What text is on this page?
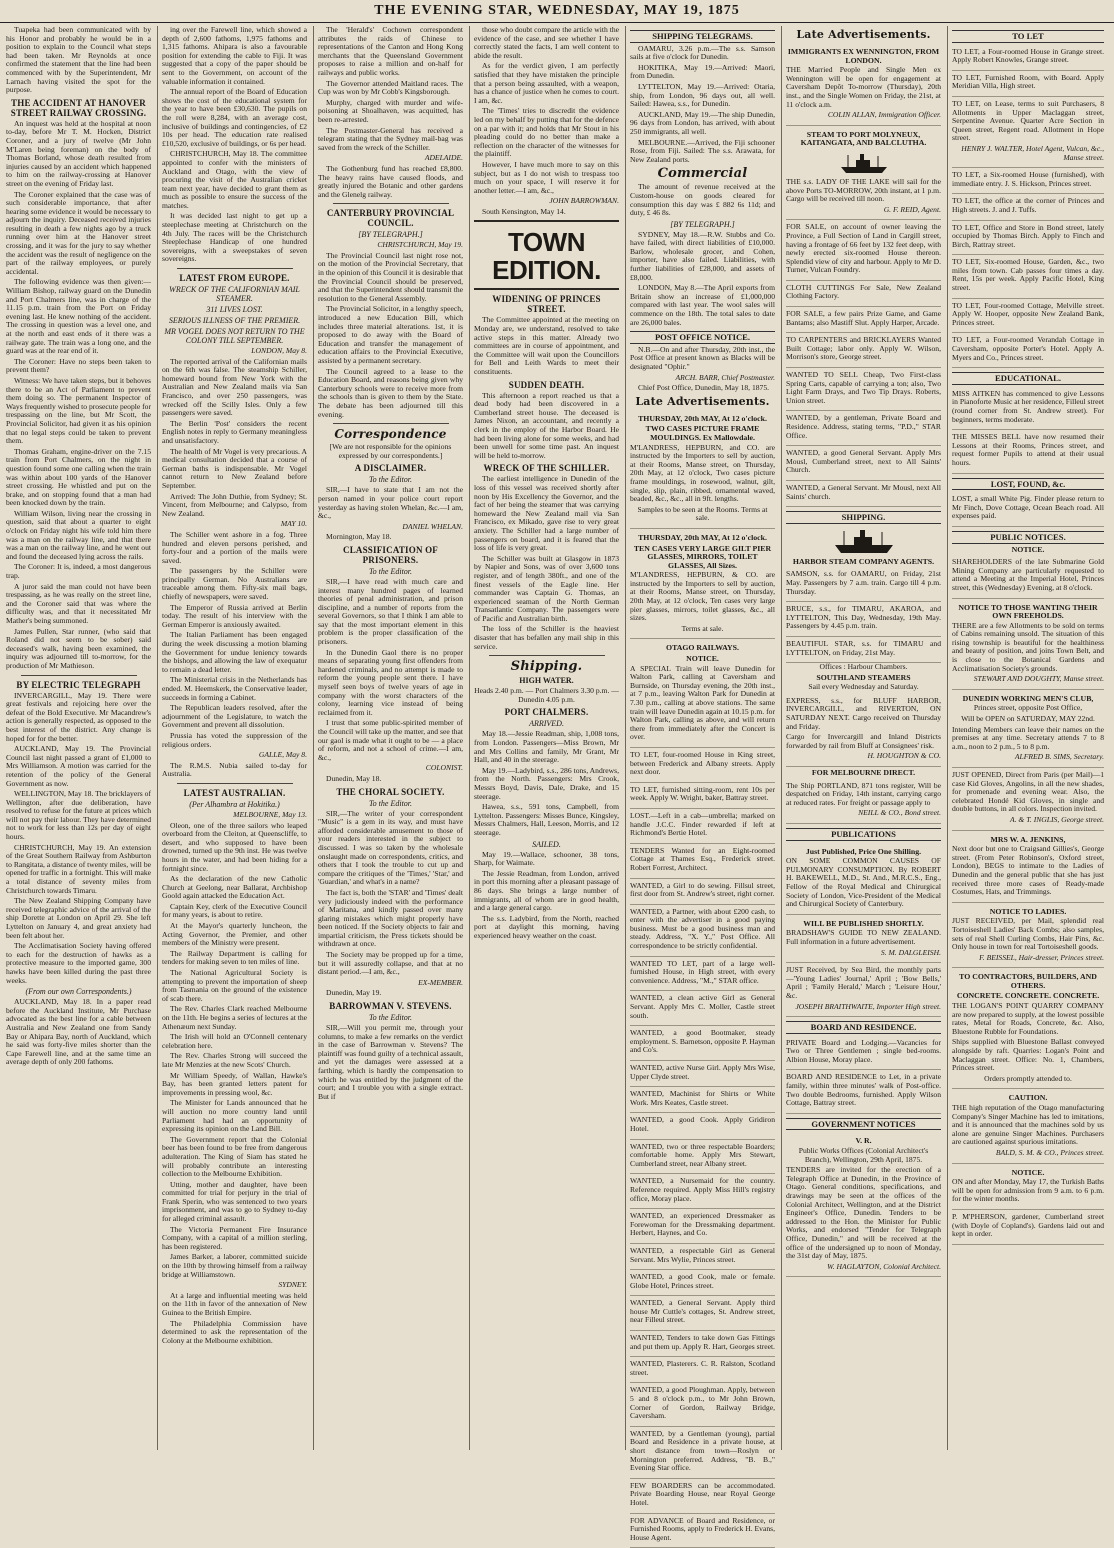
THE EVENING STAR, WEDNESDAY, MAY 19, 1875

Tuapeka had been communicated with by his Honor and probably he would be in a position to explain to the Council what steps had been taken. Mr Reynolds at once confirmed the statement that the line had been commenced with by the Superintendent, Mr Larnach having visited the spot for the purpose.

THE ACCIDENT AT HANOVER STREET RAILWAY CROSSING.

An inquest was held at the hospital at noon to-day, before Mr T. M. Hocken, District Coroner, and a jury of twelve (Mr John M'Laren being foreman) on the body of Thomas Borland, whose death resulted from injuries caused by an accident which happened to him on the railway-crossing at Hanover street on the evening of Friday last.

The Coroner explained that the case was of such considerable importance, that after hearing some evidence it would be necessary to adjourn the inquiry. Deceased received injuries resulting in death a few nights ago by a truck running over him at the Hanover street crossing, and it was for the jury to say whether the accident was the result of negligence on the part of the railway employees, or purely accidental.

The following evidence was then given:— William Bishop, railway guard on the Dunedin and Port Chalmers line, was in charge of the 11.15 p.m. train from the Port on Friday evening last. He knew nothing of the accident. The crossing in question was a level one, and at the north and east ends of it there was a railway gate. The train was a long one, and the guard was at the rear end of it.

The Coroner: Have no steps been taken to prevent them?

Witness: We have taken steps, but it behoves there to be an Act of Parliament to prevent them doing so. The permanent Inspector of Ways frequently wished to prosecute people for trespassing on the line, but Mr Scott, the Provincial Solicitor, had given it as his opinion that no legal steps could be taken to prevent them.

Thomas Graham, engine-driver on the 7.15 train from Port Chalmers, on the night in question found some one calling when the train was within about 100 yards of the Hanover street crossing. He whistled and put on the brake, and on stopping found that a man had been knocked down by the train.

William Wilson, living near the crossing in question, said that about a quarter to eight o'clock on Friday night his wife told him there was a man on the railway line, and that there was a man on the railway line, and he went out and found the deceased lying across the rails.

The Coroner: It is, indeed, a most dangerous trap.

A juror said the man could not have been trespassing, as he was really on the street line, and the Coroner said that was where the difficulty was, and that it necessitated Mr Mather's being summoned.

James Pullen, Star runner, (who said that Roland did not seem to be sober) said deceased's walk, having been examined, the inquiry was adjourned till to-morrow, for the production of Mr Mathieson.

BY ELECTRIC TELEGRAPH

INVERCARGILL, May 19. There were great festivals and rejoicing here over the defeat of the Bold Executive. Mr Macandrew's action is generally respected, as opposed to the best interest of the district. Any change is hoped for for the better.

AUCKLAND, May 19. The Provincial Council last night passed a grant of £1,000 to Mrs Williamson. A motion was carried for the retention of the policy of the General Government as now.

WELLINGTON, May 18. The bricklayers of Wellington, after due deliberation, have resolved to refuse for the future at prices which will not pay their labour. They have determined not to work for less than 12s per day of eight hours.

CHRISTCHURCH, May 19. An extension of the Great Southern Railway from Ashburton to Rangitata, a distance of twenty miles, will be opened for traffic in a fortnight. This will make a total distance of seventy miles from Christchurch towards Timaru.

The New Zealand Shipping Company have received telegraphic advice of the arrival of the ship Dorette at London on April 29. She left Lyttelton on January 4, and great anxiety had been felt about her.

The Acclimatisation Society having offered to each for the destruction of hawks as a protective measure to the imported game, 300 hawks have been killed during the past three weeks.

(From our own Correspondents.)

AUCKLAND, May 18. In a paper read before the Auckland Institute, Mr Purchase advocated as the best line for a cable between Australia and New Zealand one from Sandy Bay or Ahipara Bay, north of Auckland, which he said was forty-five miles shorter than the Cape Farewell line, and at the same time an average depth of only 200 fathoms.

ing over the Farewell line, which showed a depth of 2,600 fathoms, 1,975 fathoms and 1,315 fathoms. Ahipara is also a favourable position for extending the cable to Fiji. It was suggested that a copy of the paper should be sent to the Government, on account of the valuable information it contained.

The annual report of the Board of Education shows the cost of the educational system for the year to have been £30,630. The pupils on the roll were 8,284, with an average cost, inclusive of buildings and contingencies, of £2 10s per head. The education rate realised £10,520, exclusive of buildings, or 6s per head.

CHRISTCHURCH, May 18. The committee appointed to confer with the ministers of Auckland and Otago, with the view of procuring the visit of the Australian cricket team next year, have decided to grant them as much as possible to ensure the success of the matches.

It was decided last night to get up a steeplechase meeting at Christchurch on the 4th July. The races will be the Christchurch Steeplechase Handicap of one hundred sovereigns, with a sweepstakes of seven sovereigns.

LATEST FROM EUROPE.
WRECK OF THE CALIFORNIAN MAIL STEAMER.
311 LIVES LOST.
SERIOUS ILLNESS OF THE PREMIER.
MR VOGEL DOES NOT RETURN TO THE COLONY TILL SEPTEMBER.

LONDON, May 8.

The reported arrival of the Californian mails on the 6th was false. The steamship Schiller, homeward bound from New York with the Australian and New Zealand mails via San Francisco, and over 250 passengers, was wrecked off the Scilly Isles. Only a few passengers were saved.

The Berlin 'Post' considers the recent English notes in reply to Germany meaningless and unsatisfactory.

The health of Mr Vogel is very precarious. A medical consultation decided that a course of German baths is indispensable. Mr Vogel cannot return to New Zealand before September.

Arrived: The John Duthie, from Sydney; St. Vincent, from Melbourne; and Calypso, from New Zealand.

MAY 10.

The Schiller went ashore in a fog. Three hundred and eleven persons perished, and forty-four and a portion of the mails were saved.

The passengers by the Schiller were principally German. No Australians are traceable among them. Fifty-six mail bags, chiefly of newspapers, were saved.

The Emperor of Russia arrived at Berlin today. The result of his interview with the German Emperor is anxiously awaited.

The Italian Parliament has been engaged during the week discussing a motion blaming the Government for undue leniency towards the bishops, and allowing the law of exequatur to remain a dead letter.

The Ministerial crisis in the Netherlands has ended. M. Heemskerk, the Conservative leader, succeeds in forming a Cabinet.

The Republican leaders resolved, after the adjournment of the Legislature, to watch the Government and prevent all dissolution.

Prussia has voted the suppression of the religious orders.

GALLE, May 8.

The R.M.S. Nubia sailed to-day for Australia.

LATEST AUSTRALIAN.
(Per Alhambra at Hokitika.)

MELBOURNE, May 13.

Oleon, one of the three sailors who leaped overboard from the Cleiton, at Queenscliffe, to desert, and who supposed to have been drowned, turned up the 9th inst. He was twelve hours in the water, and had been hiding for a fortnight since.

As the declaration of the new Catholic Church at Geelong, near Ballarat, Archbishop Goold again attacked the Education Act.

Captain Key, clerk of the Executive Council for many years, is about to retire.

At the Mayor's quarterly luncheon, the Acting Governor, the Premier, and other members of the Ministry were present.

The Railway Department is calling for tenders for making seven to ten miles of line.

The National Agricultural Society is attempting to prevent the importation of sheep from Tasmania on the ground of the existence of scab there.

The Rev. Charles Clark reached Melbourne on the 11th. He begins a series of lectures at the Athenæum next Sunday.

The Irish will hold an O'Connell centenary celebration here.

The Rev. Charles Strong will succeed the late Mr Menzies at the new Scots' Church.

Mr William Speedy, of Wallan, Hawke's Bay, has been granted letters patent for improvements in pressing wool, &c.

The Minister for Lands announced that he will auction no more country land until Parliament had had an opportunity of expressing its opinion on the Land Bill.

The Government report that the Colonial beer has been found to be free from dangerous adulteration. The King of Siam has stated he will probably contribute an interesting collection to the Melbourne Exhibition.

Utting, mother and daughter, have been committed for trial for perjury in the trial of Frank Sperin, who was sentenced to two years imprisonment, and was to go to Sydney to-day for alleged criminal assault.

The Victoria Permanent Fire Insurance Company, with a capital of a million sterling, has been registered.

James Barker, a laborer, committed suicide on the 10th by throwing himself from a railway bridge at Williamstown.

SYDNEY.

At a large and influential meeting was held on the 11th in favor of the annexation of New Guinea to the British Empire.

The Philadelphia Commission have determined to ask the representation of the Colony at the Melbourne exhibition.

The 'Herald's' Cochown correspondent attributes the raids of Chinese to representations of the Canton and Hong Kong merchants that the Queensland Government proposes to raise a million and on-half for railways and public works.

The Governor attended Maitland races. The Cup was won by Mr Cobb's Kingsborough.

Murphy, charged with murder and wife-poisoning at Shoalhaven, was acquitted, has been re-arrested.

The Postmaster-General has received a telegram stating that the Sydney mail-bag was saved from the wreck of the Schiller.

ADELAIDE.

The Gothenburg fund has reached £8,800. The heavy rains have caused floods, and greatly injured the Botanic and other gardens and the Glenelg railway.

CANTERBURY PROVINCIAL COUNCIL.
[BY TELEGRAPH.]

CHRISTCHURCH, May 19.

The Provincial Council last night rose not, on the motion of the Provincial Secretary, that in the opinion of this Council it is desirable that the Provincial Council should be preserved, and that the Superintendent should transmit the resolution to the General Assembly.

The Provincial Solicitor, in a lengthy speech, introduced a new Education Bill, which includes three material alterations. 1st, it is proposed to do away with the Board of Education and transfer the management of education affairs to the Provincial Executive, assisted by a permanent secretary.

The Council agreed to a lease to the Education Board, and reasons being given why Canterbury schools were to receive more from the schools than is given to them by the State. The debate has been adjourned till this evening.

Correspondence

[We are not responsible for the opinions expressed by our correspondents.]

A DISCLAIMER.
To the Editor.

SIR,—I have to state that I am not the person named in your police court report yesterday as having stolen Whelan, &c.—I am, &c.,

DANIEL WHELAN.

Mornington, May 18.

CLASSIFICATION OF PRISONERS.
To the Editor.

SIR,—I have read with much care and interest many hundred pages of learned theories of penal administration, and prison discipline, and a number of reports from the several Governors, so that I think I am able to say that the most important element in this problem is the proper classification of the prisoners.

In the Dunedin Gaol there is no proper means of separating young first offenders from hardened criminals, and no attempt is made to reform the young people sent there. I have myself seen boys of twelve years of age in company with the worst characters of the colony, learning vice instead of being reclaimed from it.

I trust that some public-spirited member of the Council will take up the matter, and see that our gaol is made what it ought to be — a place of reform, and not a school of crime.—I am, &c.,

COLONIST.

Dunedin, May 18.

THE CHORAL SOCIETY.
To the Editor.

SIR,—The writer of your correspondent "Music" is a gem in its way, and must have afforded considerable amusement to those of your readers interested in the subject to discussed. I was so taken by the wholesale onslaught made on correspondents, critics, and others that I took the trouble to cut up and compare the critiques of the 'Times,' 'Star,' and 'Guardian,' and what's in a name?

The fact is, both the 'STAR' and 'Times' dealt very judiciously indeed with the performance of Maritana, and kindly passed over many glaring mistakes which might properly have been noticed. If the Society objects to fair and impartial criticism, the Press tickets should be withdrawn at once.

The Society may be propped up for a time, but it will assuredly collapse, and that at no distant period.—I am, &c.,

EX-MEMBER.

Dunedin, May 19.

BARROWMAN V. STEVENS.
To the Editor.

SIR,—Will you permit me, through your columns, to make a few remarks on the verdict in the case of Barrowman v. Stevens? The plaintiff was found guilty of a technical assault, and yet the damages were assessed at a farthing, which is hardly the compensation to which he was entitled by the judgment of the court; and I trouble you with a single extract. But if

those who doubt compare the article with the evidence of the case, and see whether I have correctly stated the facts, I am well content to abide the result.

As for the verdict given, I am perfectly satisfied that they have mistaken the principle that a person being assaulted, with a weapon, has a chance of justice when he comes to court. I am, &c.

The 'Times' tries to discredit the evidence led on my behalf by putting that for the defence on a par with it; and holds that Mr Stout in his pleading could do no better than make a reflection on the character of the witnesses for the plaintiff.

However, I have much more to say on this subject, but as I do not wish to trespass too much on your space, I will reserve it for another letter.—I am, &c.,

JOHN BARROWMAN.

South Kensington, May 14.

TOWN EDITION.
WIDENING OF PRINCES STREET.

The Committee appointed at the meeting on Monday are, we understand, resolved to take active steps in this matter. Already two committees are in course of appointment, and the Committee will wait upon the Councillors for Bell and Leith Wards to meet their constituents.

SUDDEN DEATH.

This afternoon a report reached us that a dead body had been discovered in a Cumberland street house. The deceased is James Nixon, an accountant, and recently a clerk in the employ of the Harbor Board. He had been living alone for some weeks, and had been unwell for some time past. An inquest will be held to-morrow.

WRECK OF THE SCHILLER.

The earliest intelligence in Dunedin of the loss of this vessel was received shortly after noon by His Excellency the Governor, and the fact of her being the steamer that was carrying homeward the New Zealand mail via San Francisco, ex Mikado, gave rise to very great anxiety. The Schiller had a large number of passengers on board, and it is feared that the loss of life is very great.

The Schiller was built at Glasgow in 1873 by Napier and Sons, was of over 3,600 tons register, and of length 380ft., and one of the finest vessels of the Eagle line. Her commander was Captain G. Thomas, an experienced seaman of the North German Transatlantic Company. The passengers were of Pacific and Australian birth.

The loss of the Schiller is the heaviest disaster that has befallen any mail ship in this service.

Shipping.
HIGH WATER.

Heads 2.40 p.m. — Port Chalmers 3.30 p.m. — Dunedin 4.05 p.m.

PORT CHALMERS.
ARRIVED.

May 18.—Jessie Readman, ship, 1,008 tons, from London. Passengers—Miss Brown, Mr and Mrs Collins and family, Mr Grant, Mr Hall, and 40 in the steerage.

May 19.—Ladybird, s.s., 286 tons, Andrews, from the North. Passengers: Mrs Crook, Messrs Boyd, Davis, Dale, Drake, and 15 steerage.

Hawea, s.s., 591 tons, Campbell, from Lyttelton. Passengers: Misses Bunce, Kingsley, Messrs Chalmers, Hall, Leeson, Morris, and 12 steerage.

SAILED.

May 19.—Wallace, schooner, 38 tons, Sharp, for Waimate.

The Jessie Readman, from London, arrived in port this morning after a pleasant passage of 86 days. She brings a large number of immigrants, all of whom are in good health, and a large general cargo.

The s.s. Ladybird, from the North, reached port at daylight this morning, having experienced heavy weather on the coast.

SHIPPING TELEGRAMS.

OAMARU, 3.26 p.m.—The s.s. Samson sails at five o'clock for Dunedin.

HOKITIKA, May 19.—Arrived: Maori, from Dunedin.

LYTTELTON, May 19.—Arrived: Otaria, ship, from London, 96 days out, all well. Sailed: Hawea, s.s., for Dunedin.

AUCKLAND, May 19.—The ship Dunedin, 96 days from London, has arrived, with about 250 immigrants, all well.

MELBOURNE.—Arrived, the Fiji schooner Rose, from Fiji. Sailed: The s.s. Arawata, for New Zealand ports.

Commercial

The amount of revenue received at the Custom-house on goods cleared for consumption this day was £ 882 6s 11d; and duty, £ 46 8s.

[BY TELEGRAPH.]

SYDNEY, May 18.—R.W. Stubbs and Co. have failed, with direct liabilities of £10,000. Barlow, wholesale grocer, and Cohen, importer, have also failed. Liabilities, with further liabilities of £28,000, and assets of £8,000.

LONDON, May 8.—The April exports from Britain show an increase of £1,000,000 compared with last year. The wool sales will commence on the 18th. The total sales to date are 26,000 bales.

POST OFFICE NOTICE.

N.B.—On and after Thursday, 20th inst., the Post Office at present known as Blacks will be designated "Ophir."

ARCH. BARR, Chief Postmaster.

Chief Post Office, Dunedin, May 18, 1875.

Late Advertisements.
THURSDAY, 20th MAY, At 12 o'clock.
TWO CASES PICTURE FRAME MOULDINGS. Ex Mallowdale.

M'LANDRESS, HEPBURN, and CO. are instructed by the Importers to sell by auction, at their Rooms, Manse street, on Thursday, 20th May, at 12 o'clock, Two cases picture frame mouldings, in rosewood, walnut, gilt, single, slip, plain, ribbed, ornamental waved, beaded, &c., &c., all in 9ft. lengths.

Samples to be seen at the Rooms. Terms at sale.

THURSDAY, 20th MAY, At 12 o'clock.
TEN CASES VERY LARGE GILT PIER GLASSES, MIRRORS, TOILET GLASSES, All Sizes.

M'LANDRESS, HEPBURN, & CO. are instructed by the Importers to sell by auction, at their Rooms, Manse street, on Thursday, 20th May, at 12 o'clock, Ten cases very large pier glasses, mirrors, toilet glasses, &c., all sizes.

Terms at sale.

OTAGO RAILWAYS.
NOTICE.

A SPECIAL Train will leave Dunedin for Walton Park, calling at Caversham and Burnside, on Thursday evening, the 20th inst., at 7 p.m., leaving Walton Park for Dunedin at 7.30 p.m., calling at above stations. The same train will leave Dunedin again at 10.15 p.m. for Walton Park, calling as above, and will return there from immediately after the Concert is over.

TO LET, four-roomed House in King street, between Frederick and Albany streets. Apply next door.

TO LET, furnished sitting-room, rent 10s per week. Apply W. Wright, baker, Battray street.

LOST.—Left in a cab—umbrella; marked on handle J.C.C. Finder rewarded if left at Richmond's Bertie Hotel.

TENDERS Wanted for an Eight-roomed Cottage at Thames Esq., Frederick street. Robert Forrest, Architect.

WANTED, a Girl to do sewing. Fillsul street, first door from St. Andrew's street, right corner.

WANTED, a Partner, with about £200 cash, to enter with the advertiser in a good paying business. Must be a good business man and steady. Address, "X. Y.," Post Office. All correspondence to be strictly confidential.

WANTED TO LET, part of a large well-furnished House, in High street, with every convenience. Address, "M.," STAR office.

WANTED, a clean active Girl as General Servant. Apply Mrs C. Moller, Castle street south.

WANTED, a good Bootmaker, steady employment. S. Barnetson, opposite P. Hayman and Co's.

WANTED, active Nurse Girl. Apply Mrs Wise, Upper Clyde street.

WANTED, Machinist for Shirts or White Work. Mrs Keates, Castle street.

WANTED, a good Cook. Apply Gridiron Hotel.

WANTED, two or three respectable Boarders; comfortable home. Apply Mrs Stewart, Cumberland street, near Albany street.

WANTED, a Nursemaid for the country. Reference required. Apply Miss Hill's registry office, Moray place.

WANTED, an experienced Dressmaker as Forewoman for the Dressmaking department. Herbert, Haynes, and Co.

WANTED, a respectable Girl as General Servant. Mrs Wylie, Princes street.

WANTED, a good Cook, male or female. Globe Hotel, Princes street.

WANTED, a General Servant. Apply third house Mr Cuttle's cottages, St. Andrew street, near Filleul street.

WANTED, Tenders to take down Gas Fittings and put them up. Apply R. Hart, Georges street.

WANTED, Plasterers. C. R. Ralston, Scotland street.

WANTED, a good Ploughman. Apply, between 5 and 8 o'clock p.m., to Mr John Brown, Corner of Gordon, Railway Bridge, Caversham.

WANTED, by a Gentleman (young), partial Board and Residence in a private house, at short distance from town—Roslyn or Mornington preferred. Address, "B. B.," Evening Star office.

FEW BOARDERS can be accommodated. Private Boarding House, near Royal George Hotel.

FOR ADVANCE of Board and Residence, or Furnished Rooms, apply to Frederick H. Evans, House Agent.

Late Advertisements.
IMMIGRANTS EX WENNINGTON, FROM LONDON.

THE Married People and Single Men ex Wennington will be open for engagement at Caversham Depôt To-morrow (Thursday), 20th inst., and the Single Women on Friday, the 21st, at 11 o'clock a.m.

COLIN ALLAN, Immigration Officer.

STEAM TO PORT MOLYNEUX, KAITANGATA, AND BALCLUTHA.

THE s.s. LADY OF THE LAKE will sail for the above Ports TO-MORROW, 20th instant, at 1 p.m. Cargo will be received till noon.

G. F. REID, Agent.

FOR SALE, on account of owner leaving the Province, a Full Section of Land in Cargill street, having a frontage of 66 feet by 132 feet deep, with newly erected six-roomed House thereon. Splendid view of city and harbour. Apply to Mr D. Turner, Vulcan Foundry.

CLOTH CUTTINGS For Sale, New Zealand Clothing Factory.

FOR SALE, a few pairs Prize Game, and Game Bantams; also Mastiff Slut. Apply Harper, Arcade.

TO CARPENTERS and BRICKLAYERS Wanted Built Cottage; labor only. Apply W. Wilson, Morrison's store, George street.

WANTED TO SELL Cheap, Two First-class Spring Carts, capable of carrying a ton; also, Two Light Farm Drays, and Two Tip Drays. Roberts, Union street.

WANTED, by a gentleman, Private Board and Residence. Address, stating terms, "P.D.," STAR Office.

WANTED, a good General Servant. Apply Mrs Mousl, Cumberland street, next to All Saints' Church.

WANTED, a General Servant. Mr Mousl, next All Saints' church.

SHIPPING.
HARBOR STEAM COMPANY AGENTS.

SAMSON, s.s. for OAMARU, on Friday, 21st May. Passengers by 7 a.m. train. Cargo till 4 p.m. Thursday.

BRUCE, s.s., for TIMARU, AKAROA, and LYTTELTON, This Day, Wednesday, 19th May. Passengers by 4.45 p.m. train.

BEAUTIFUL STAR, s.s. for TIMARU and LYTTELTON, on Friday, 21st May.

Offices : Harbour Chambers.

SOUTHLAND STEAMERS

Sail every Wednesday and Saturday.

EXPRESS, s.s., for BLUFF HARBOR, INVERCARGILL, and RIVERTON, ON SATURDAY NEXT. Cargo received on Thursday and Friday.

Cargo for Invercargill and Inland Districts forwarded by rail from Bluff at Consignees' risk.

H. HOUGHTON & CO.

FOR MELBOURNE DIRECT.

The Ship PORTLAND, 871 tons register, Will be despatched on Friday, 14th instant, carrying cargo at reduced rates. For freight or passage apply to

NEILL & CO., Bond street.

PUBLICATIONS
Just Published, Price One Shilling.

ON SOME COMMON CAUSES OF PULMONARY CONSUMPTION. By ROBERT H. BAKEWELL, M.D., St. And., M.R.C.S., Eng., Fellow of the Royal Medical and Chirurgical Society of London, Vice-President of the Medical and Chirurgical Society of Canterbury.

WILL BE PUBLISHED SHORTLY.

BRADSHAW'S GUIDE TO NEW ZEALAND. Full information in a future advertisement.

S. M. DALGLEISH.

JUST Received, by Sea Bird, the monthly parts—'Young Ladies' Journal,' April ; 'Bow Bells,' April ; 'Family Herald,' March ; 'Leisure Hour,' &c.

JOSEPH BRAITHWAITE, Importer High street.

BOARD AND RESIDENCE.

PRIVATE Board and Lodging.—Vacancies for Two or Three Gentlemen ; single bed-rooms. Albion House, Moray place.

BOARD AND RESIDENCE to Let, in a private family, within three minutes' walk of Post-office. Two double Bedrooms, furnished. Apply Wilson Cottage, Battray street.

GOVERNMENT NOTICES
V. R.

Public Works Offices (Colonial Architect's Branch), Wellington, 29th April, 1875.

TENDERS are invited for the erection of a Telegraph Office at Dunedin, in the Province of Otago. General conditions, specifications, and drawings may be seen at the offices of the Colonial Architect, Wellington, and at the District Engineer's Office, Dunedin. Tenders to be addressed to the Hon. the Minister for Public Works, and endorsed "Tender for Telegraph Office, Dunedin," and will be received at the office of the undersigned up to noon of Monday, the 31st day of May, 1875.

W. HAGLAYTON, Colonial Architect.

TO LET

TO LET, a Four-roomed House in Grange street. Apply Robert Knowles, Grange street.

TO LET, Furnished Room, with Board. Apply Meridian Villa, High street.

TO LET, on Lease, terms to suit Purchasers, 8 Allotments in Upper Maclaggan street, Serpentine Avenue. Quarter Acre Section in Queen street, Regent road. Allotment in Hope street.

HENRY J. WALTER, Hotel Agent, Vulcan, &c., Manse street.

TO LET, a Six-roomed House (furnished), with immediate entry. J. S. Hickson, Princes street.

TO LET, the office at the corner of Princes and High streets. J. and J. Tuffs.

TO LET, Office and Store in Bond street, lately occupied by Thomas Birch. Apply to Finch and Birch, Rattray street.

TO LET, Six-roomed House, Garden, &c., two miles from town. Cab passes four times a day. Rent, 15s per week. Apply Pacific Hotel, King street.

TO LET, Four-roomed Cottage, Melville street. Apply W. Hooper, opposite New Zealand Bank, Princes street.

TO LET, a Four-roomed Verandah Cottage in Caversham, opposite Porter's Hotel. Apply A. Myers and Co., Princes street.

EDUCATIONAL.

MISS AITKEN has commenced to give Lessons in Pianoforte Music at her residence, Filleul street (round corner from St. Andrew street). For beginners, terms moderate.

THE MISSES BELL have now resumed their Lessons at their Rooms, Princes street, and request former Pupils to attend at their usual hours.

LOST, FOUND, &c.

LOST, a small White Pig. Finder please return to Mr Finch, Dove Cottage, Ocean Beach road. All expenses paid.

PUBLIC NOTICES.
NOTICE.

SHAREHOLDERS of the late Submarine Gold Mining Company are particularly requested to attend a Meeting at the Imperial Hotel, Princes street, this (Wednesday) Evening, at 8 o'clock.

NOTICE TO THOSE WANTING THEIR OWN FREEHOLDS.

THERE are a few Allotments to be sold on terms of Cabins remaining unsold. The situation of this rising township is beautiful for the healthiness and beauty of position, and joins Town Belt, and is close to the Botanical Gardens and Acclimatisation Society's grounds.

STEWART AND DOUGHTY, Manse street.

DUNEDIN WORKING MEN'S CLUB,

Princes street, opposite Post Office,

Will be OPEN on SATURDAY, MAY 22nd.

Intending Members can leave their names on the premises at any time. Secretary attends 7 to 8 a.m., noon to 2 p.m., 5 to 8 p.m.

ALFRED B. SIMS, Secretary.

JUST OPENED, Direct from Paris (per Mail)—1 case Kid Gloves, Angolins, in all the new shades, for promenade and evening wear. Also, the celebrated Hondé Kid Gloves, in single and double buttons, in all colors. Inspection invited.

A. & T. INGLIS, George street.

MRS W. A. JENKINS,

Next door but one to Craigsand Gillies's, George street. (From Peter Robinson's, Oxford street, London), BEGS to intimate to the Ladies of Dunedin and the general public that she has just received three more cases of Ready-made Costumes, Hats, and Trimmings.

NOTICE TO LADIES.

JUST RECEIVED, per Mail, splendid real Tortoiseshell Ladies' Back Combs; also samples, sets of real Shell Curling Combs, Hair Pins, &c. Only house in town for real Tortoiseshell goods.

F. BEISSEL, Hair-dresser, Princes street.

TO CONTRACTORS, BUILDERS, AND OTHERS.
CONCRETE. CONCRETE. CONCRETE.

THE LOGAN'S POINT QUARRY COMPANY are now prepared to supply, at the lowest possible rates, Metal for Roads, Concrete, &c. Also, Bluestone Rubble for Foundations.

Ships supplied with Bluestone Ballast conveyed alongside by raft. Quarries: Logan's Point and Maclaggan street. Office: No. 1, Chambers, Princes street.

Orders promptly attended to.

CAUTION.

THE high reputation of the Otago manufacturing Company's Singer Machine has led to imitations, and it is announced that the machines sold by us alone are genuine Singer Machines. Purchasers are cautioned against spurious imitations.

BALD, S. M. & CO., Princes street.

NOTICE.

ON and after Monday, May 17, the Turkish Baths will be open for admission from 9 a.m. to 6 p.m. for the winter months.

P. M'PHERSON, gardener, Cumberland street (with Doyle of Copland's). Gardens laid out and kept in order.
